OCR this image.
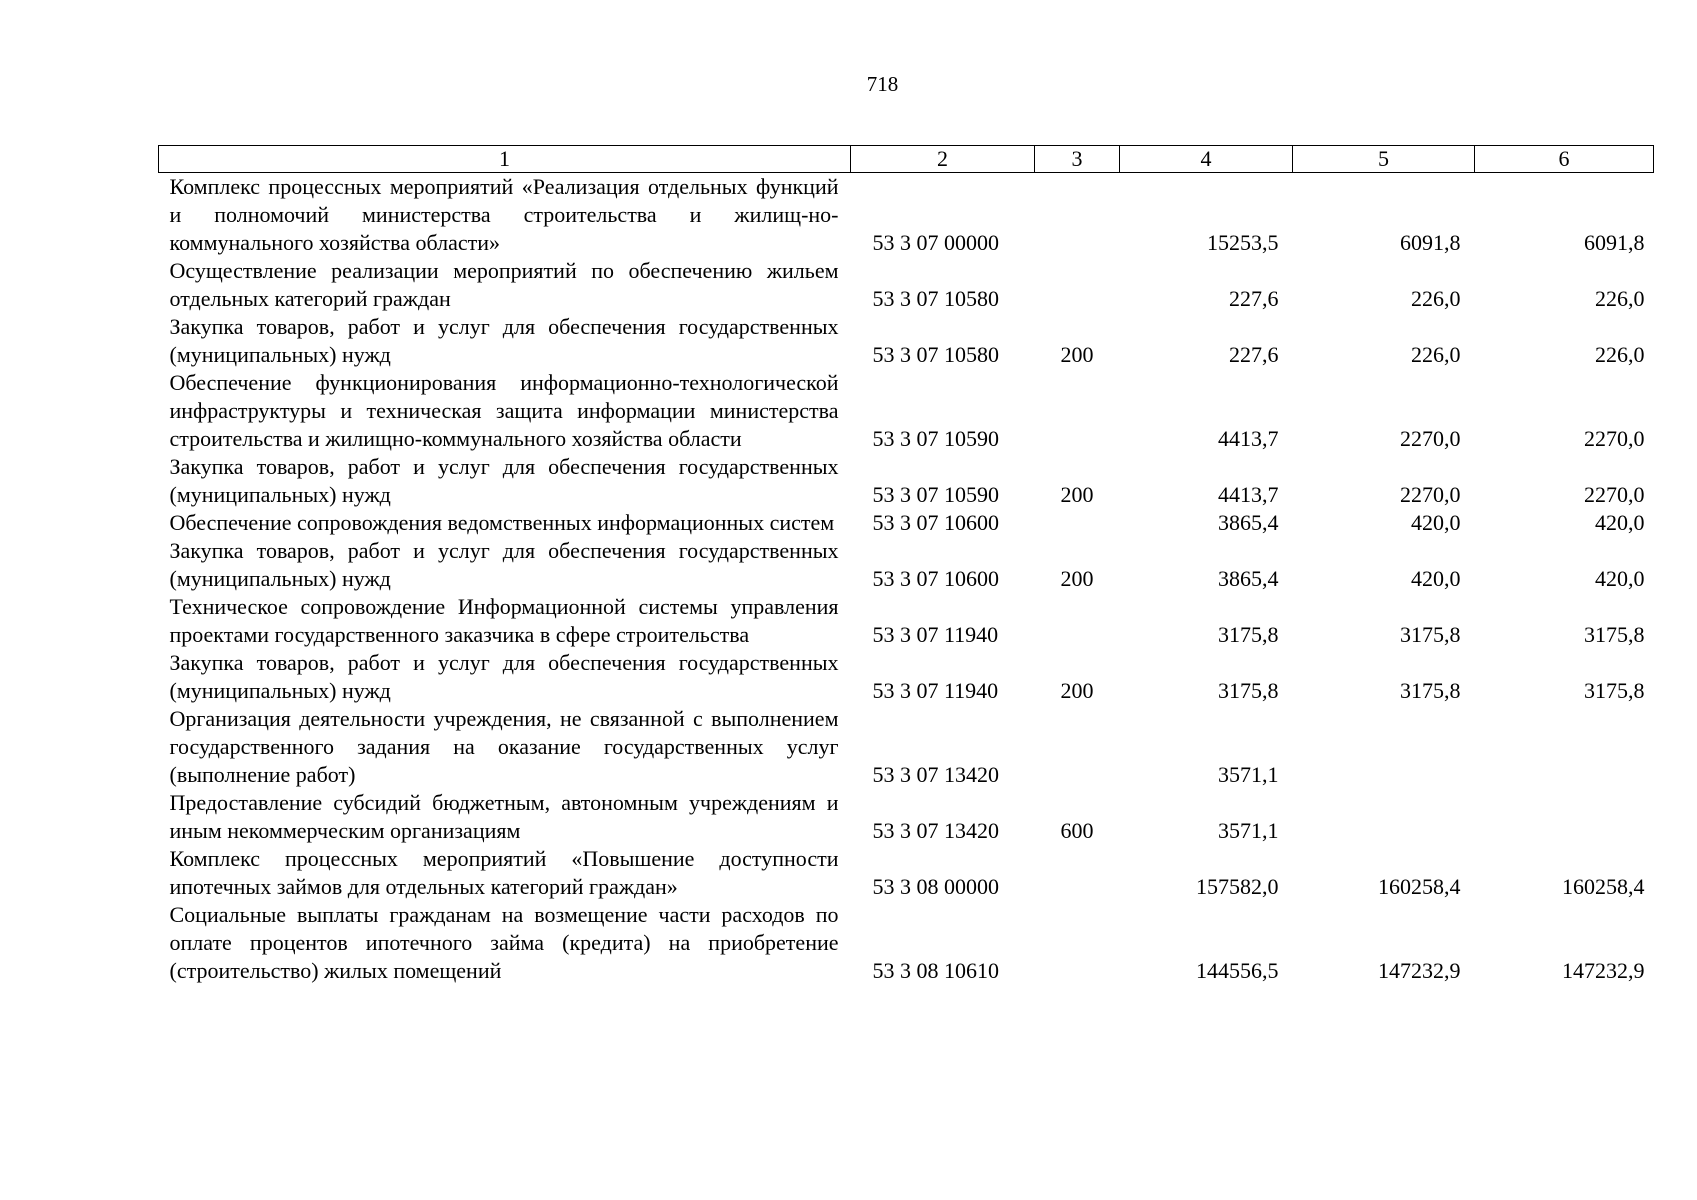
718
1	2	3	4	5	6
Комплекс процессных мероприятий «Реализация отдельных функций и полномочий министерства строительства и жилищ-но-коммунального хозяйства области»	53 3 07 00000		15253,5	6091,8	6091,8
Осуществление реализации мероприятий по обеспечению жильем отдельных категорий граждан	53 3 07 10580		227,6	226,0	226,0
Закупка товаров, работ и услуг для обеспечения государственных (муниципальных) нужд	53 3 07 10580	200	227,6	226,0	226,0
Обеспечение функционирования информационно-технологической инфраструктуры и техническая защита информации министерства строительства и жилищно-коммунального хозяйства области	53 3 07 10590		4413,7	2270,0	2270,0
Закупка товаров, работ и услуг для обеспечения государственных (муниципальных) нужд	53 3 07 10590	200	4413,7	2270,0	2270,0
Обеспечение сопровождения ведомственных информационных систем	53 3 07 10600		3865,4	420,0	420,0
Закупка товаров, работ и услуг для обеспечения государственных (муниципальных) нужд	53 3 07 10600	200	3865,4	420,0	420,0
Техническое сопровождение Информационной системы управления проектами государственного заказчика в сфере строительства	53 3 07 11940		3175,8	3175,8	3175,8
Закупка товаров, работ и услуг для обеспечения государственных (муниципальных) нужд	53 3 07 11940	200	3175,8	3175,8	3175,8
Организация деятельности учреждения, не связанной с выполнением государственного задания на оказание государственных услуг (выполнение работ)	53 3 07 13420		3571,1		
Предоставление субсидий бюджетным, автономным учреждениям и иным некоммерческим организациям	53 3 07 13420	600	3571,1		
Комплекс процессных мероприятий «Повышение доступности ипотечных займов для отдельных категорий граждан»	53 3 08 00000		157582,0	160258,4	160258,4
Социальные выплаты гражданам на возмещение части расходов по оплате процентов ипотечного займа (кредита) на приобретение (строительство) жилых помещений	53 3 08 10610		144556,5	147232,9	147232,9
